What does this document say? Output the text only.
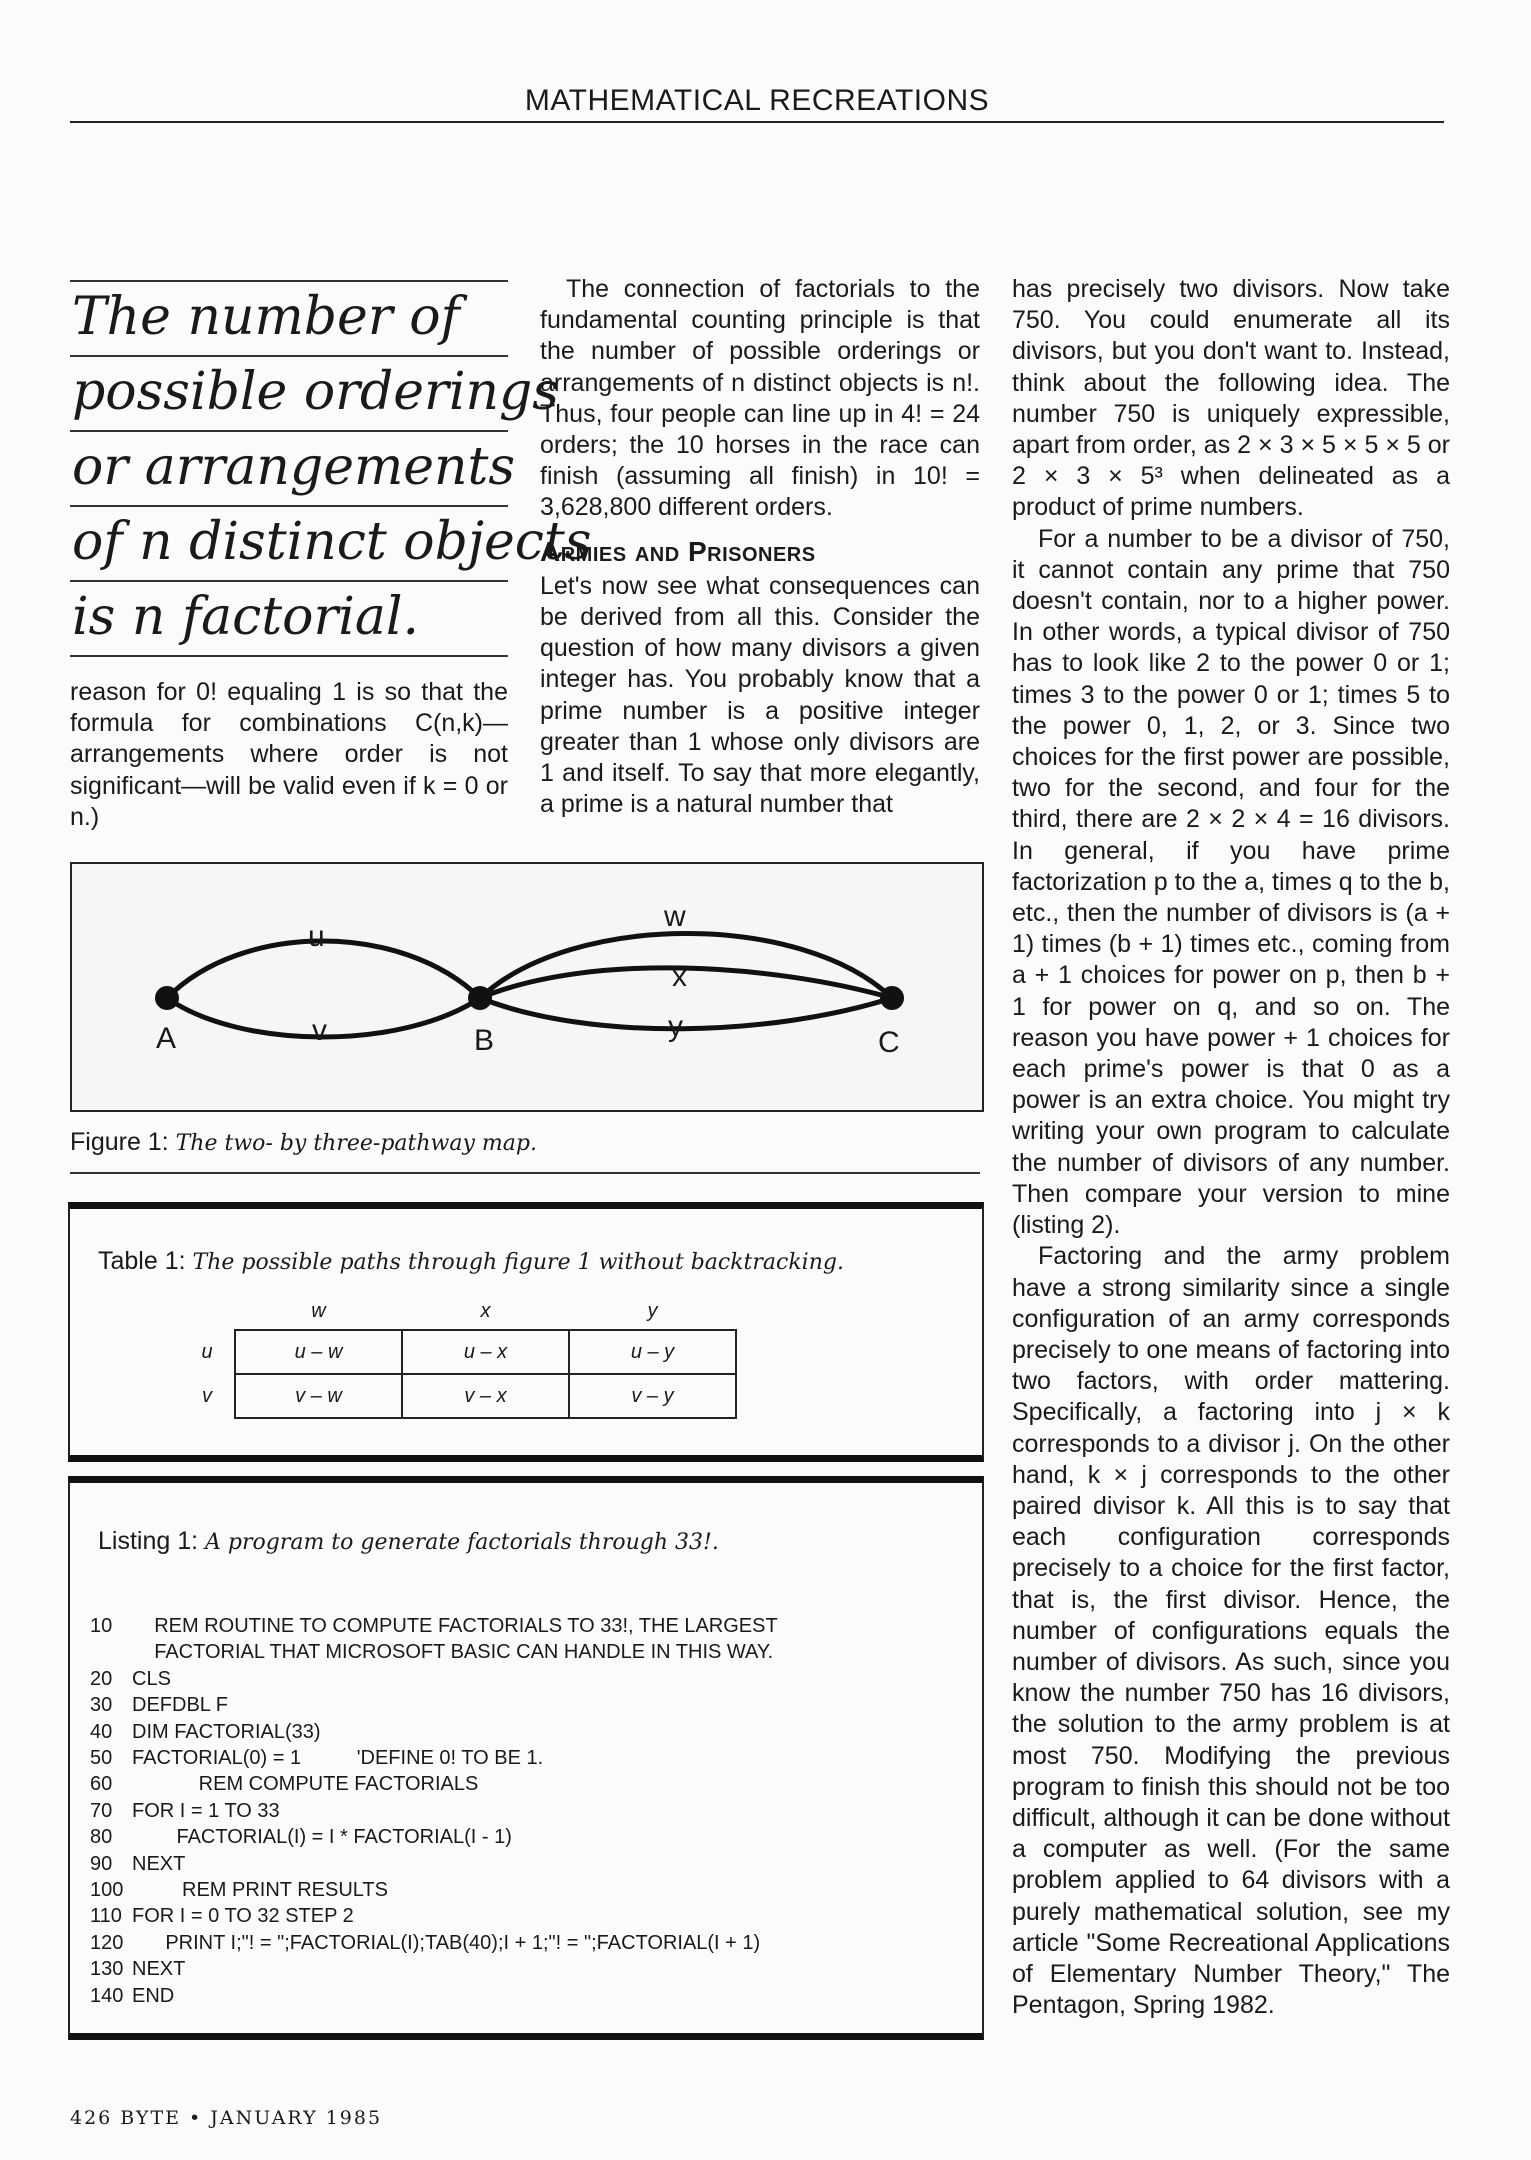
MATHEMATICAL RECREATIONS
The number of
possible orderings
or arrangements
of n distinct objects
is n factorial.

reason for 0! equaling 1 is so that the formula for combinations C(n,k)—arrangements where order is not significant—will be valid even if k = 0 or n.)

The connection of factorials to the fundamental counting principle is that the number of possible orderings or arrangements of n distinct objects is n!. Thus, four people can line up in 4! = 24 orders; the 10 horses in the race can finish (assuming all finish) in 10! = 3,628,800 different orders.

Armies and Prisoners

Let's now see what consequences can be derived from all this. Consider the question of how many divisors a given integer has. You probably know that a prime number is a positive integer greater than 1 whose only divisors are 1 and itself. To say that more elegantly, a prime is a natural number that

has precisely two divisors. Now take 750. You could enumerate all its divisors, but you don't want to. Instead, think about the following idea. The number 750 is uniquely expressible, apart from order, as 2 × 3 × 5 × 5 × 5 or 2 × 3 × 5³ when delineated as a product of prime numbers.

For a number to be a divisor of 750, it cannot contain any prime that 750 doesn't contain, nor to a higher power. In other words, a typical divisor of 750 has to look like 2 to the power 0 or 1; times 3 to the power 0 or 1; times 5 to the power 0, 1, 2, or 3. Since two choices for the first power are possible, two for the second, and four for the third, there are 2 × 2 × 4 = 16 divisors. In general, if you have prime factorization p to the a, times q to the b, etc., then the number of divisors is (a + 1) times (b + 1) times etc., coming from a + 1 choices for power on p, then b + 1 for power on q, and so on. The reason you have power + 1 choices for each prime's power is that 0 as a power is an extra choice. You might try writing your own program to calculate the number of divisors of any number. Then compare your version to mine (listing 2).

Factoring and the army problem have a strong similarity since a single configuration of an army corresponds precisely to one means of factoring into two factors, with order mattering. Specifically, a factoring into j × k corresponds to a divisor j. On the other hand, k × j corresponds to the other paired divisor k. All this is to say that each configuration corresponds precisely to a choice for the first factor, that is, the first divisor. Hence, the number of configurations equals the number of divisors. As such, since you know the number 750 has 16 divisors, the solution to the army problem is at most 750. Modifying the previous program to finish this should not be too difficult, although it can be done without a computer as well. (For the same problem applied to 64 divisors with a purely mathematical solution, see my article "Some Recreational Applications of Elementary Number Theory," The Pentagon, Spring 1982.

A	B	C
u
v
w
x
y
Figure 1: The two- by three-pathway map.
Table 1: The possible paths through figure 1 without backtracking.
	w	x	y
u	u – w	u – x	u – y
v	v – w	v – x	v – y
Listing 1: A program to generate factorials through 33!.
10 REM ROUTINE TO COMPUTE FACTORIALS TO 33!, THE LARGEST
FACTORIAL THAT MICROSOFT BASIC CAN HANDLE IN THIS WAY.
20 CLS
30 DEFDBL F
40 DIM FACTORIAL(33)
50 FACTORIAL(0) = 1          'DEFINE 0! TO BE 1.
60 REM COMPUTE FACTORIALS
70 FOR I = 1 TO 33
80 FACTORIAL(I) = I * FACTORIAL(I - 1)
90 NEXT
100 REM PRINT RESULTS
110 FOR I = 0 TO 32 STEP 2
120 PRINT I;"! = ";FACTORIAL(I);TAB(40);I + 1;"! = ";FACTORIAL(I + 1)
130 NEXT
140 END
426 BYTE • JANUARY 1985
